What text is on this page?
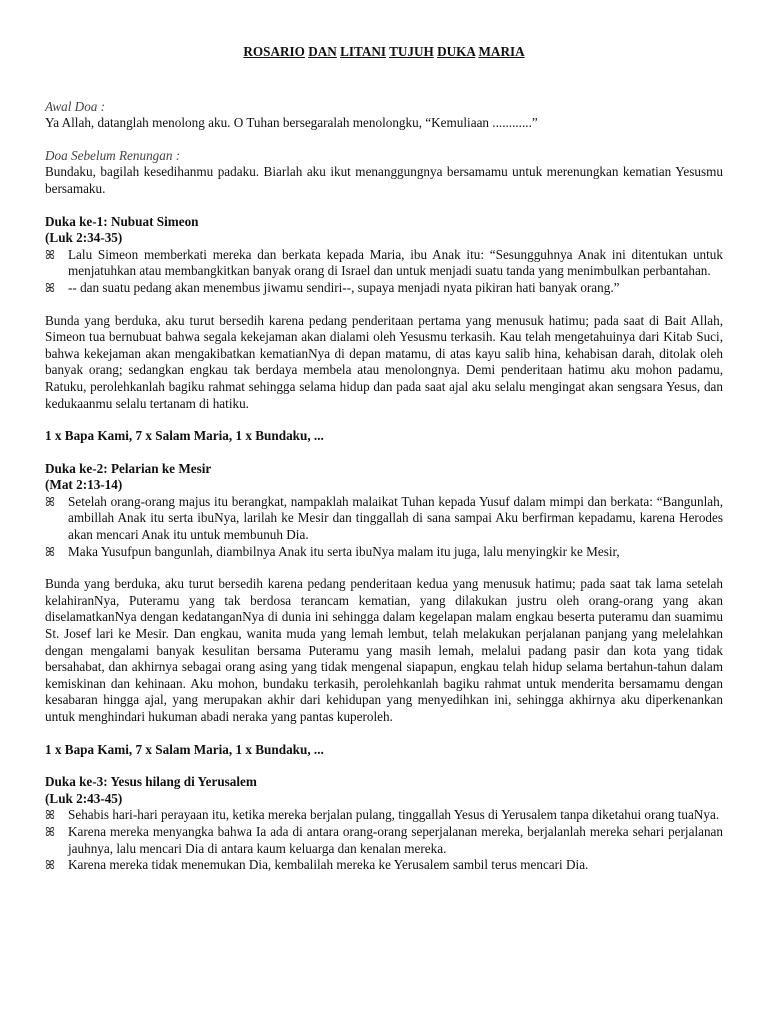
ROSARIO DAN LITANI TUJUH DUKA MARIA

Awal Doa :

Ya Allah, datanglah menolong aku. O Tuhan bersegaralah menolongku, “Kemuliaan ............”

Doa Sebelum Renungan :

Bundaku, bagilah kesedihanmu padaku. Biarlah aku ikut menanggungnya bersamamu untuk merenungkan kematian Yesusmu bersamaku.

Duka ke-1: Nubuat Simeon

(Luk 2:34-35)

ꕤ Lalu Simeon memberkati mereka dan berkata kepada Maria, ibu Anak itu: “Sesungguhnya Anak ini ditentukan untuk menjatuhkan atau membangkitkan banyak orang di Israel dan untuk menjadi suatu tanda yang menimbulkan perbantahan.
ꕤ -- dan suatu pedang akan menembus jiwamu sendiri--, supaya menjadi nyata pikiran hati banyak orang.”

Bunda yang berduka, aku turut bersedih karena pedang penderitaan pertama yang menusuk hatimu; pada saat di Bait Allah, Simeon tua bernubuat bahwa segala kekejaman akan dialami oleh Yesusmu terkasih. Kau telah mengetahuinya dari Kitab Suci, bahwa kekejaman akan mengakibatkan kematianNya di depan matamu, di atas kayu salib hina, kehabisan darah, ditolak oleh banyak orang; sedangkan engkau tak berdaya membela atau menolongnya. Demi penderitaan hatimu aku mohon padamu, Ratuku, perolehkanlah bagiku rahmat sehingga selama hidup dan pada saat ajal aku selalu mengingat akan sengsara Yesus, dan kedukaanmu selalu tertanam di hatiku.

1 x Bapa Kami, 7 x Salam Maria, 1 x Bundaku, ...

Duka ke-2: Pelarian ke Mesir

(Mat 2:13-14)

ꕤ Setelah orang-orang majus itu berangkat, nampaklah malaikat Tuhan kepada Yusuf dalam mimpi dan berkata: “Bangunlah, ambillah Anak itu serta ibuNya, larilah ke Mesir dan tinggallah di sana sampai Aku berfirman kepadamu, karena Herodes akan mencari Anak itu untuk membunuh Dia.
ꕤ Maka Yusufpun bangunlah, diambilnya Anak itu serta ibuNya malam itu juga, lalu menyingkir ke Mesir,

Bunda yang berduka, aku turut bersedih karena pedang penderitaan kedua yang menusuk hatimu; pada saat tak lama setelah kelahiranNya, Puteramu yang tak berdosa terancam kematian, yang dilakukan justru oleh orang-orang yang akan diselamatkanNya dengan kedatanganNya di dunia ini sehingga dalam kegelapan malam engkau beserta puteramu dan suamimu St. Josef lari ke Mesir. Dan engkau, wanita muda yang lemah lembut, telah melakukan perjalanan panjang yang melelahkan dengan mengalami banyak kesulitan bersama Puteramu yang masih lemah, melalui padang pasir dan kota yang tidak bersahabat, dan akhirnya sebagai orang asing yang tidak mengenal siapapun, engkau telah hidup selama bertahun-tahun dalam kemiskinan dan kehinaan. Aku mohon, bundaku terkasih, perolehkanlah bagiku rahmat untuk menderita bersamamu dengan kesabaran hingga ajal, yang merupakan akhir dari kehidupan yang menyedihkan ini, sehingga akhirnya aku diperkenankan untuk menghindari hukuman abadi neraka yang pantas kuperoleh.

1 x Bapa Kami, 7 x Salam Maria, 1 x Bundaku, ...

Duka ke-3: Yesus hilang di Yerusalem

(Luk 2:43-45)

ꕤ Sehabis hari-hari perayaan itu, ketika mereka berjalan pulang, tinggallah Yesus di Yerusalem tanpa diketahui orang tuaNya.
ꕤ Karena mereka menyangka bahwa Ia ada di antara orang-orang seperjalanan mereka, berjalanlah mereka sehari perjalanan jauhnya, lalu mencari Dia di antara kaum keluarga dan kenalan mereka.
ꕤ Karena mereka tidak menemukan Dia, kembalilah mereka ke Yerusalem sambil terus mencari Dia.
